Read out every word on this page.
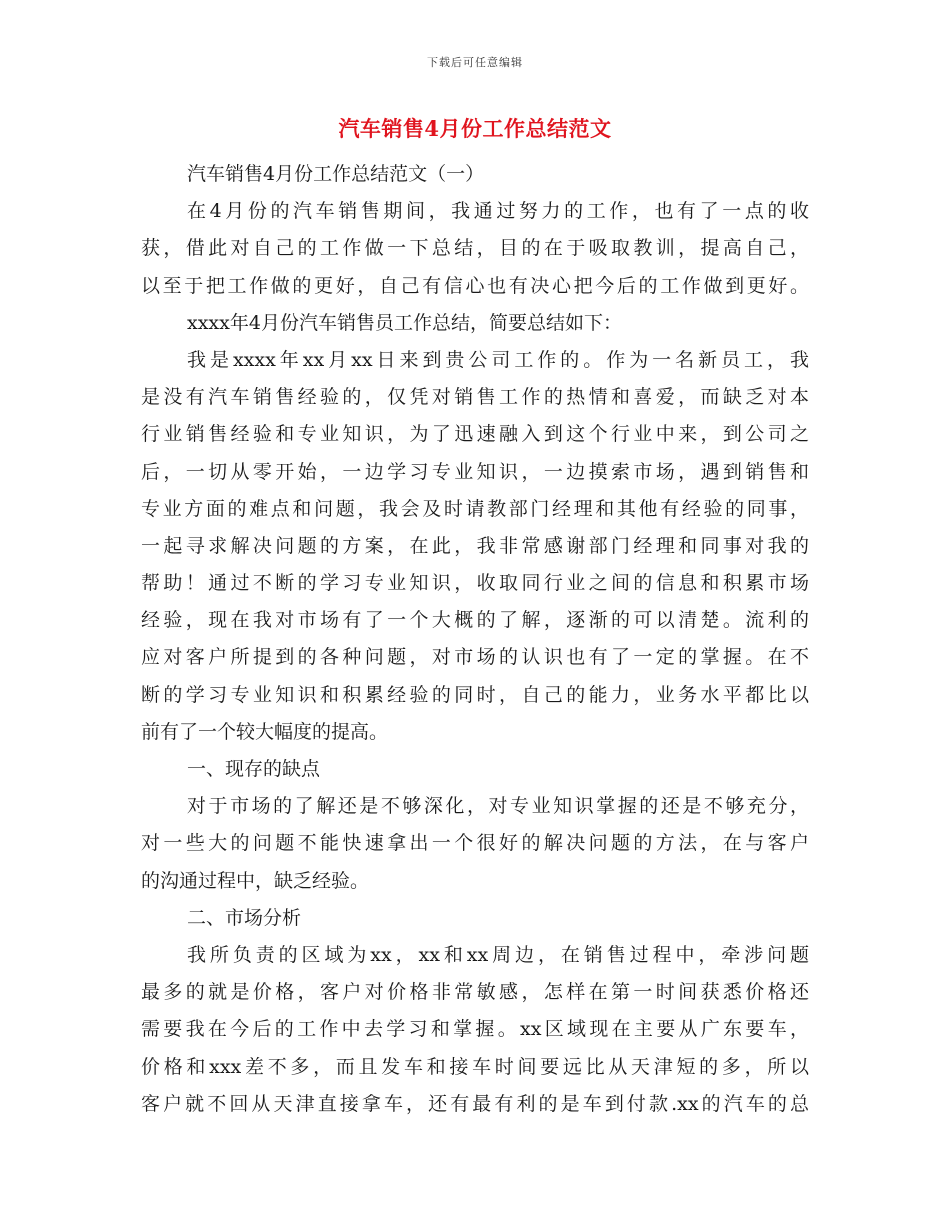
下载后可任意编辑
汽车销售4月份工作总结范文
汽车销售4月份工作总结范文（一）
在4月份的汽车销售期间，我通过努力的工作，也有了一点的收
获，借此对自己的工作做一下总结，目的在于吸取教训，提高自己，
以至于把工作做的更好，自己有信心也有决心把今后的工作做到更好。
xxxx年4月份汽车销售员工作总结，简要总结如下：
我是xxxx年xx月xx日来到贵公司工作的。作为一名新员工，我
是没有汽车销售经验的，仅凭对销售工作的热情和喜爱，而缺乏对本
行业销售经验和专业知识，为了迅速融入到这个行业中来，到公司之
后，一切从零开始，一边学习专业知识，一边摸索市场，遇到销售和
专业方面的难点和问题，我会及时请教部门经理和其他有经验的同事，
一起寻求解决问题的方案，在此，我非常感谢部门经理和同事对我的
帮助！通过不断的学习专业知识，收取同行业之间的信息和积累市场
经验，现在我对市场有了一个大概的了解，逐渐的可以清楚。流利的
应对客户所提到的各种问题，对市场的认识也有了一定的掌握。在不
断的学习专业知识和积累经验的同时，自己的能力，业务水平都比以
前有了一个较大幅度的提高。
一、现存的缺点
对于市场的了解还是不够深化，对专业知识掌握的还是不够充分，
对一些大的问题不能快速拿出一个很好的解决问题的方法，在与客户
的沟通过程中，缺乏经验。
二、市场分析
我所负责的区域为xx，xx和xx周边，在销售过程中，牵涉问题
最多的就是价格，客户对价格非常敏感，怎样在第一时间获悉价格还
需要我在今后的工作中去学习和掌握。xx区域现在主要从广东要车，
价格和xxx差不多，而且发车和接车时间要远比从天津短的多，所以
客户就不回从天津直接拿车，还有最有利的是车到付款.xx的汽车的总
